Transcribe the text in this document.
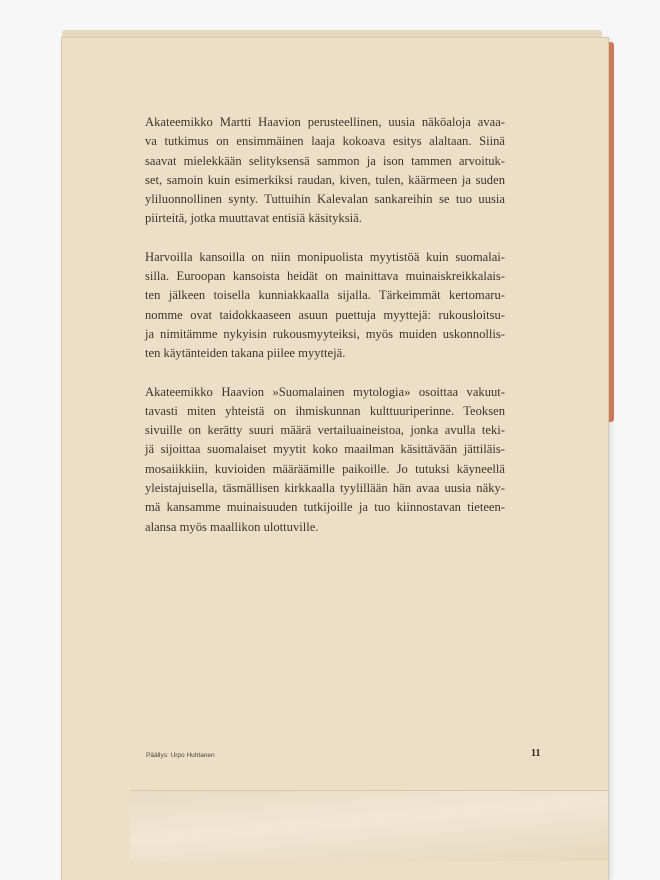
Akateemikko Martti Haavion perusteellinen, uusia näköaloja avaa-
va tutkimus on ensimmäinen laaja kokoava esitys alaltaan. Siinä
saavat mielekkään selityksensä sammon ja ison tammen arvoituk-
set, samoin kuin esimerkiksi raudan, kiven, tulen, käärmeen ja suden
yliluonnollinen synty. Tuttuihin Kalevalan sankareihin se tuo uusia
piirteitä, jotka muuttavat entisiä käsityksiä.

Harvoilla kansoilla on niin monipuolista myytistöä kuin suomalai-
silla. Euroopan kansoista heidät on mainittava muinaiskreikkalais-
ten jälkeen toisella kunniakkaalla sijalla. Tärkeimmät kertomaru-
nomme ovat taidokkaaseen asuun puettuja myyttejä: rukousloitsu-
ja nimitämme nykyisin rukousmyyteiksi, myös muiden uskonnollis-
ten käytänteiden takana piilee myyttejä.

Akateemikko Haavion »Suomalainen mytologia» osoittaa vakuut-
tavasti miten yhteistä on ihmiskunnan kulttuuriperinne. Teoksen
sivuille on kerätty suuri määrä vertailuaineistoa, jonka avulla teki-
jä sijoittaa suomalaiset myytit koko maailman käsittävään jättiläis-
mosaiikkiin, kuvioiden määräämille paikoille. Jo tutuksi käyneellä
yleistajuisella, täsmällisen kirkkaalla tyylillään hän avaa uusia näky-
mä kansamme muinaisuuden tutkijoille ja tuo kiinnostavan tieteen-
alansa myös maallikon ulottuville.

Päällys: Urpo Huhtanen	11
